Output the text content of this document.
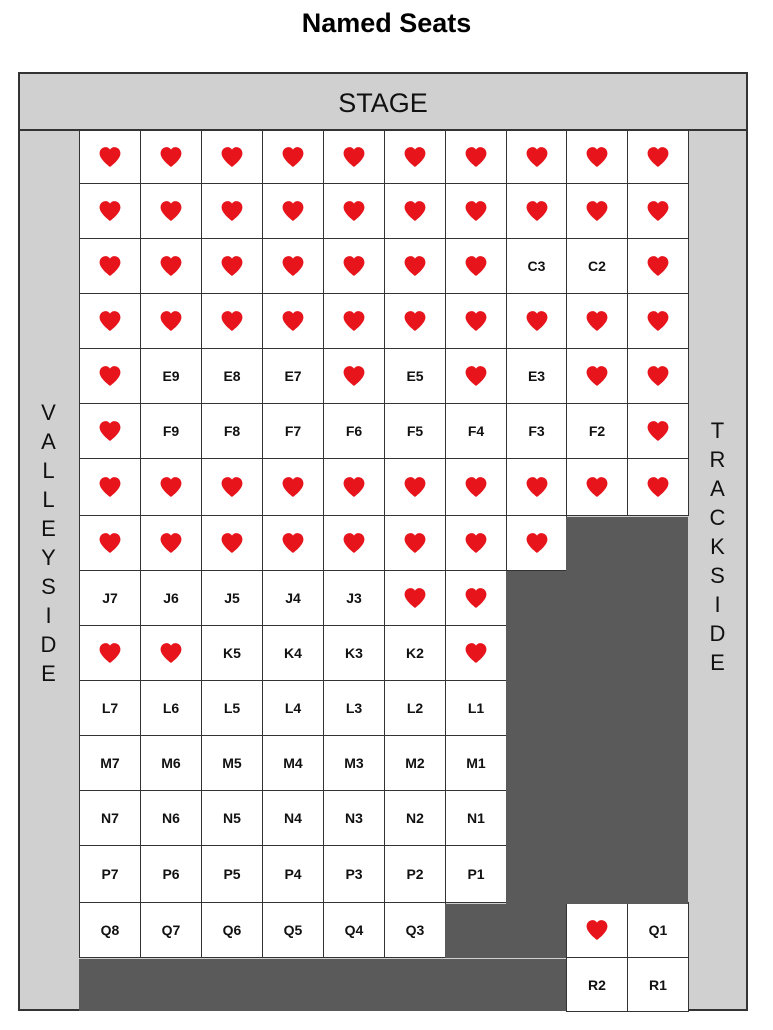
Named Seats
STAGE
V
A
L
L
E
Y
S
I
D
E
T
R
A
C
K
S
I
D
E
C3	C2
E9	E8	E7	E5	E3
F9	F8	F7	F6	F5	F4	F3	F2
J7	J6	J5	J4	J3
K5	K4	K3	K2
L7	L6	L5	L4	L3	L2	L1
M7	M6	M5	M4	M3	M2	M1
N7	N6	N5	N4	N3	N2	N1
P7	P6	P5	P4	P3	P2	P1
Q8	Q7	Q6	Q5	Q4	Q3	Q1
R2	R1
